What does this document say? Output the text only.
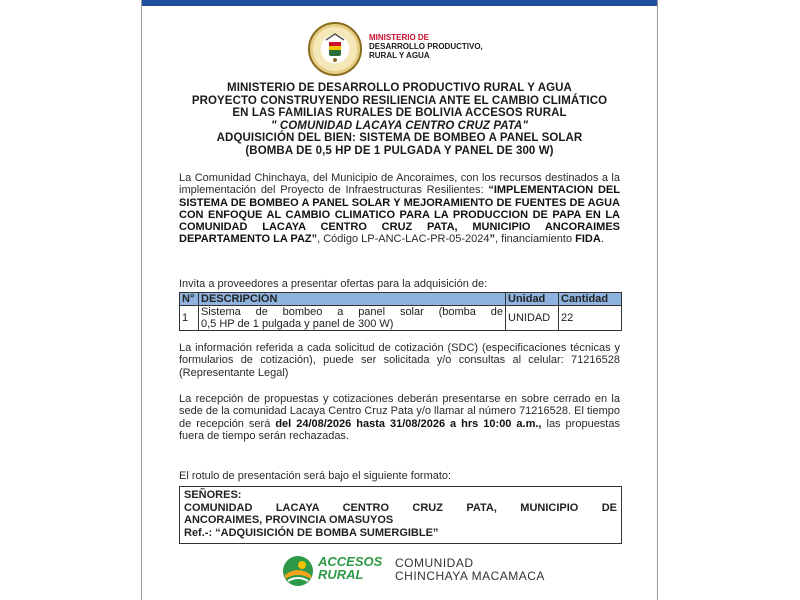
MINISTERIO DE
DESARROLLO PRODUCTIVO,
RURAL Y AGUA
MINISTERIO DE DESARROLLO PRODUCTIVO RURAL Y AGUA
PROYECTO CONSTRUYENDO RESILIENCIA ANTE EL CAMBIO CLIMÁTICO
EN LAS FAMILIAS RURALES DE BOLIVIA ACCESOS RURAL
" COMUNIDAD LACAYA CENTRO CRUZ PATA"
ADQUISICIÓN DEL BIEN: SISTEMA DE BOMBEO A PANEL SOLAR
(BOMBA DE 0,5 HP DE 1 PULGADA Y PANEL DE 300 W)
La Comunidad Chinchaya, del Municipio de Ancoraimes, con los recursos destinados a la implementación del Proyecto de Infraestructuras Resilientes: “IMPLEMENTACION DEL SISTEMA DE BOMBEO A PANEL SOLAR Y MEJORAMIENTO DE FUENTES DE AGUA CON ENFOQUE AL CAMBIO CLIMATICO PARA LA PRODUCCION DE PAPA EN LA COMUNIDAD LACAYA CENTRO CRUZ PATA, MUNICIPIO ANCORAIMES DEPARTAMENTO LA PAZ”, Código LP-ANC-LAC-PR-05-2024”, financiamiento FIDA.
Invita a proveedores a presentar ofertas para la adquisición de:
N°	DESCRIPCIÓN	Unidad	Cantidad
1	Sistema de bombeo a panel solar (bomba de
0,5 HP de 1 pulgada y panel de 300 W)	UNIDAD	22
La información referida a cada solicitud de cotización (SDC) (especificaciones técnicas y formularios de cotización), puede ser solicitada y/o consultas al celular: 71216528 (Representante Legal)
La recepción de propuestas y cotizaciones deberán presentarse en sobre cerrado en la sede de la comunidad Lacaya Centro Cruz Pata y/o llamar al número 71216528. El tiempo de recepción será del 24/08/2026 hasta 31/08/2026 a hrs 10:00 a.m., las propuestas fuera de tiempo serán rechazadas.
El rotulo de presentación será bajo el siguiente formato:
SEÑORES:
COMUNIDAD LACAYA CENTRO CRUZ PATA, MUNICIPIO DE
ANCORAIMES, PROVINCIA OMASUYOS
Ref.-: “ADQUISICIÓN DE BOMBA SUMERGIBLE”
ACCESOS
RURAL
COMUNIDAD
CHINCHAYA MACAMACA
